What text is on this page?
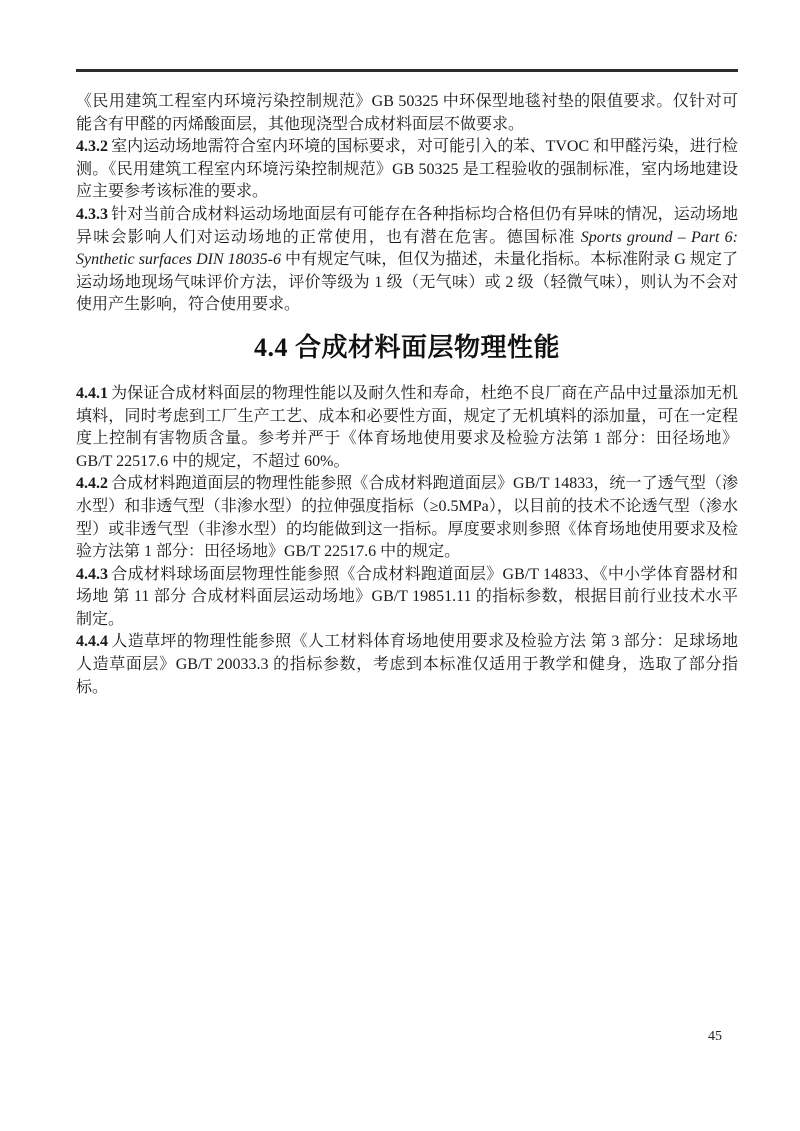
《民用建筑工程室内环境污染控制规范》GB 50325 中环保型地毯衬垫的限值要求。仅针对可能含有甲醛的丙烯酸面层，其他现浇型合成材料面层不做要求。

4.3.2 室内运动场地需符合室内环境的国标要求，对可能引入的苯、TVOC 和甲醛污染，进行检测。《民用建筑工程室内环境污染控制规范》GB 50325 是工程验收的强制标准，室内场地建设应主要参考该标准的要求。

4.3.3 针对当前合成材料运动场地面层有可能存在各种指标均合格但仍有异味的情况，运动场地异味会影响人们对运动场地的正常使用，也有潜在危害。德国标准 Sports ground – Part 6: Synthetic surfaces DIN 18035-6 中有规定气味，但仅为描述，未量化指标。本标准附录 G 规定了运动场地现场气味评价方法，评价等级为 1 级（无气味）或 2 级（轻微气味），则认为不会对使用产生影响，符合使用要求。

4.4 合成材料面层物理性能

4.4.1 为保证合成材料面层的物理性能以及耐久性和寿命，杜绝不良厂商在产品中过量添加无机填料，同时考虑到工厂生产工艺、成本和必要性方面，规定了无机填料的添加量，可在一定程度上控制有害物质含量。参考并严于《体育场地使用要求及检验方法第 1 部分：田径场地》GB/T 22517.6 中的规定，不超过 60%。

4.4.2 合成材料跑道面层的物理性能参照《合成材料跑道面层》GB/T 14833，统一了透气型（渗水型）和非透气型（非渗水型）的拉伸强度指标（≥0.5MPa），以目前的技术不论透气型（渗水型）或非透气型（非渗水型）的均能做到这一指标。厚度要求则参照《体育场地使用要求及检验方法第 1 部分：田径场地》GB/T 22517.6 中的规定。

4.4.3 合成材料球场面层物理性能参照《合成材料跑道面层》GB/T 14833、《中小学体育器材和场地 第 11 部分 合成材料面层运动场地》GB/T 19851.11 的指标参数，根据目前行业技术水平制定。

4.4.4 人造草坪的物理性能参照《人工材料体育场地使用要求及检验方法 第 3 部分：足球场地人造草面层》GB/T 20033.3 的指标参数，考虑到本标准仅适用于教学和健身，选取了部分指标。

45
